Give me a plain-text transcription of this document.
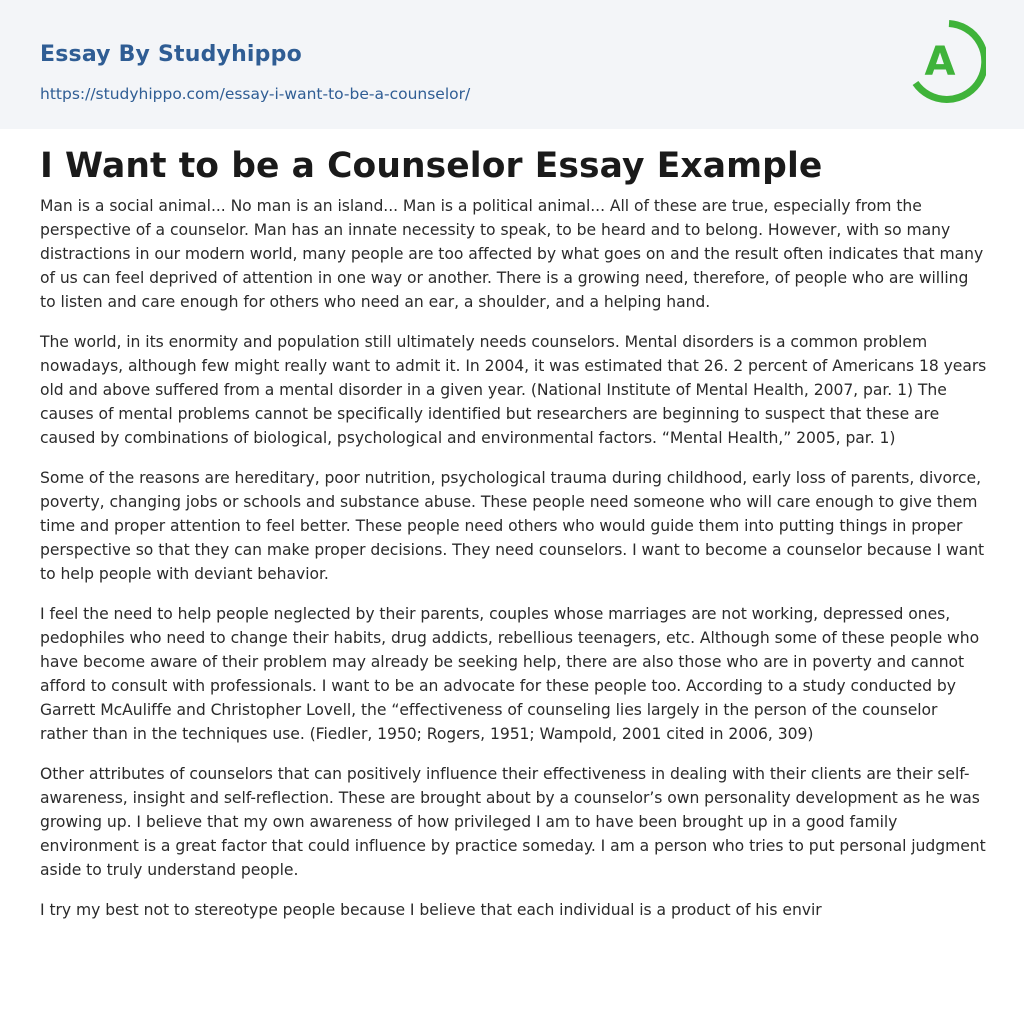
Essay By Studyhippo
https://studyhippo.com/essay-i-want-to-be-a-counselor/
A
I Want to be a Counselor Essay Example

Man is a social animal... No man is an island... Man is a political animal... All of these are true, especially from the perspective of a counselor. Man has an innate necessity to speak, to be heard and to belong. However, with so many distractions in our modern world, many people are too affected by what goes on and the result often indicates that many of us can feel deprived of attention in one way or another. There is a growing need, therefore, of people who are willing to listen and care enough for others who need an ear, a shoulder, and a helping hand.

The world, in its enormity and population still ultimately needs counselors. Mental disorders is a common problem nowadays, although few might really want to admit it. In 2004, it was estimated that 26. 2 percent of Americans 18 years old and above suffered from a mental disorder in a given year. (National Institute of Mental Health, 2007, par. 1) The causes of mental problems cannot be specifically identified but researchers are beginning to suspect that these are caused by combinations of biological, psychological and environmental factors. “Mental Health,” 2005, par. 1)

Some of the reasons are hereditary, poor nutrition, psychological trauma during childhood, early loss of parents, divorce, poverty, changing jobs or schools and substance abuse. These people need someone who will care enough to give them time and proper attention to feel better. These people need others who would guide them into putting things in proper perspective so that they can make proper decisions. They need counselors. I want to become a counselor because I want to help people with deviant behavior.

I feel the need to help people neglected by their parents, couples whose marriages are not working, depressed ones, pedophiles who need to change their habits, drug addicts, rebellious teenagers, etc. Although some of these people who have become aware of their problem may already be seeking help, there are also those who are in poverty and cannot afford to consult with professionals. I want to be an advocate for these people too. According to a study conducted by Garrett McAuliffe and Christopher Lovell, the “effectiveness of counseling lies largely in the person of the counselor rather than in the techniques use. (Fiedler, 1950; Rogers, 1951; Wampold, 2001 cited in 2006, 309)

Other attributes of counselors that can positively influence their effectiveness in dealing with their clients are their self-awareness, insight and self-reflection. These are brought about by a counselor’s own personality development as he was growing up. I believe that my own awareness of how privileged I am to have been brought up in a good family environment is a great factor that could influence by practice someday. I am a person who tries to put personal judgment aside to truly understand people.

I try my best not to stereotype people because I believe that each individual is a product of his envir
